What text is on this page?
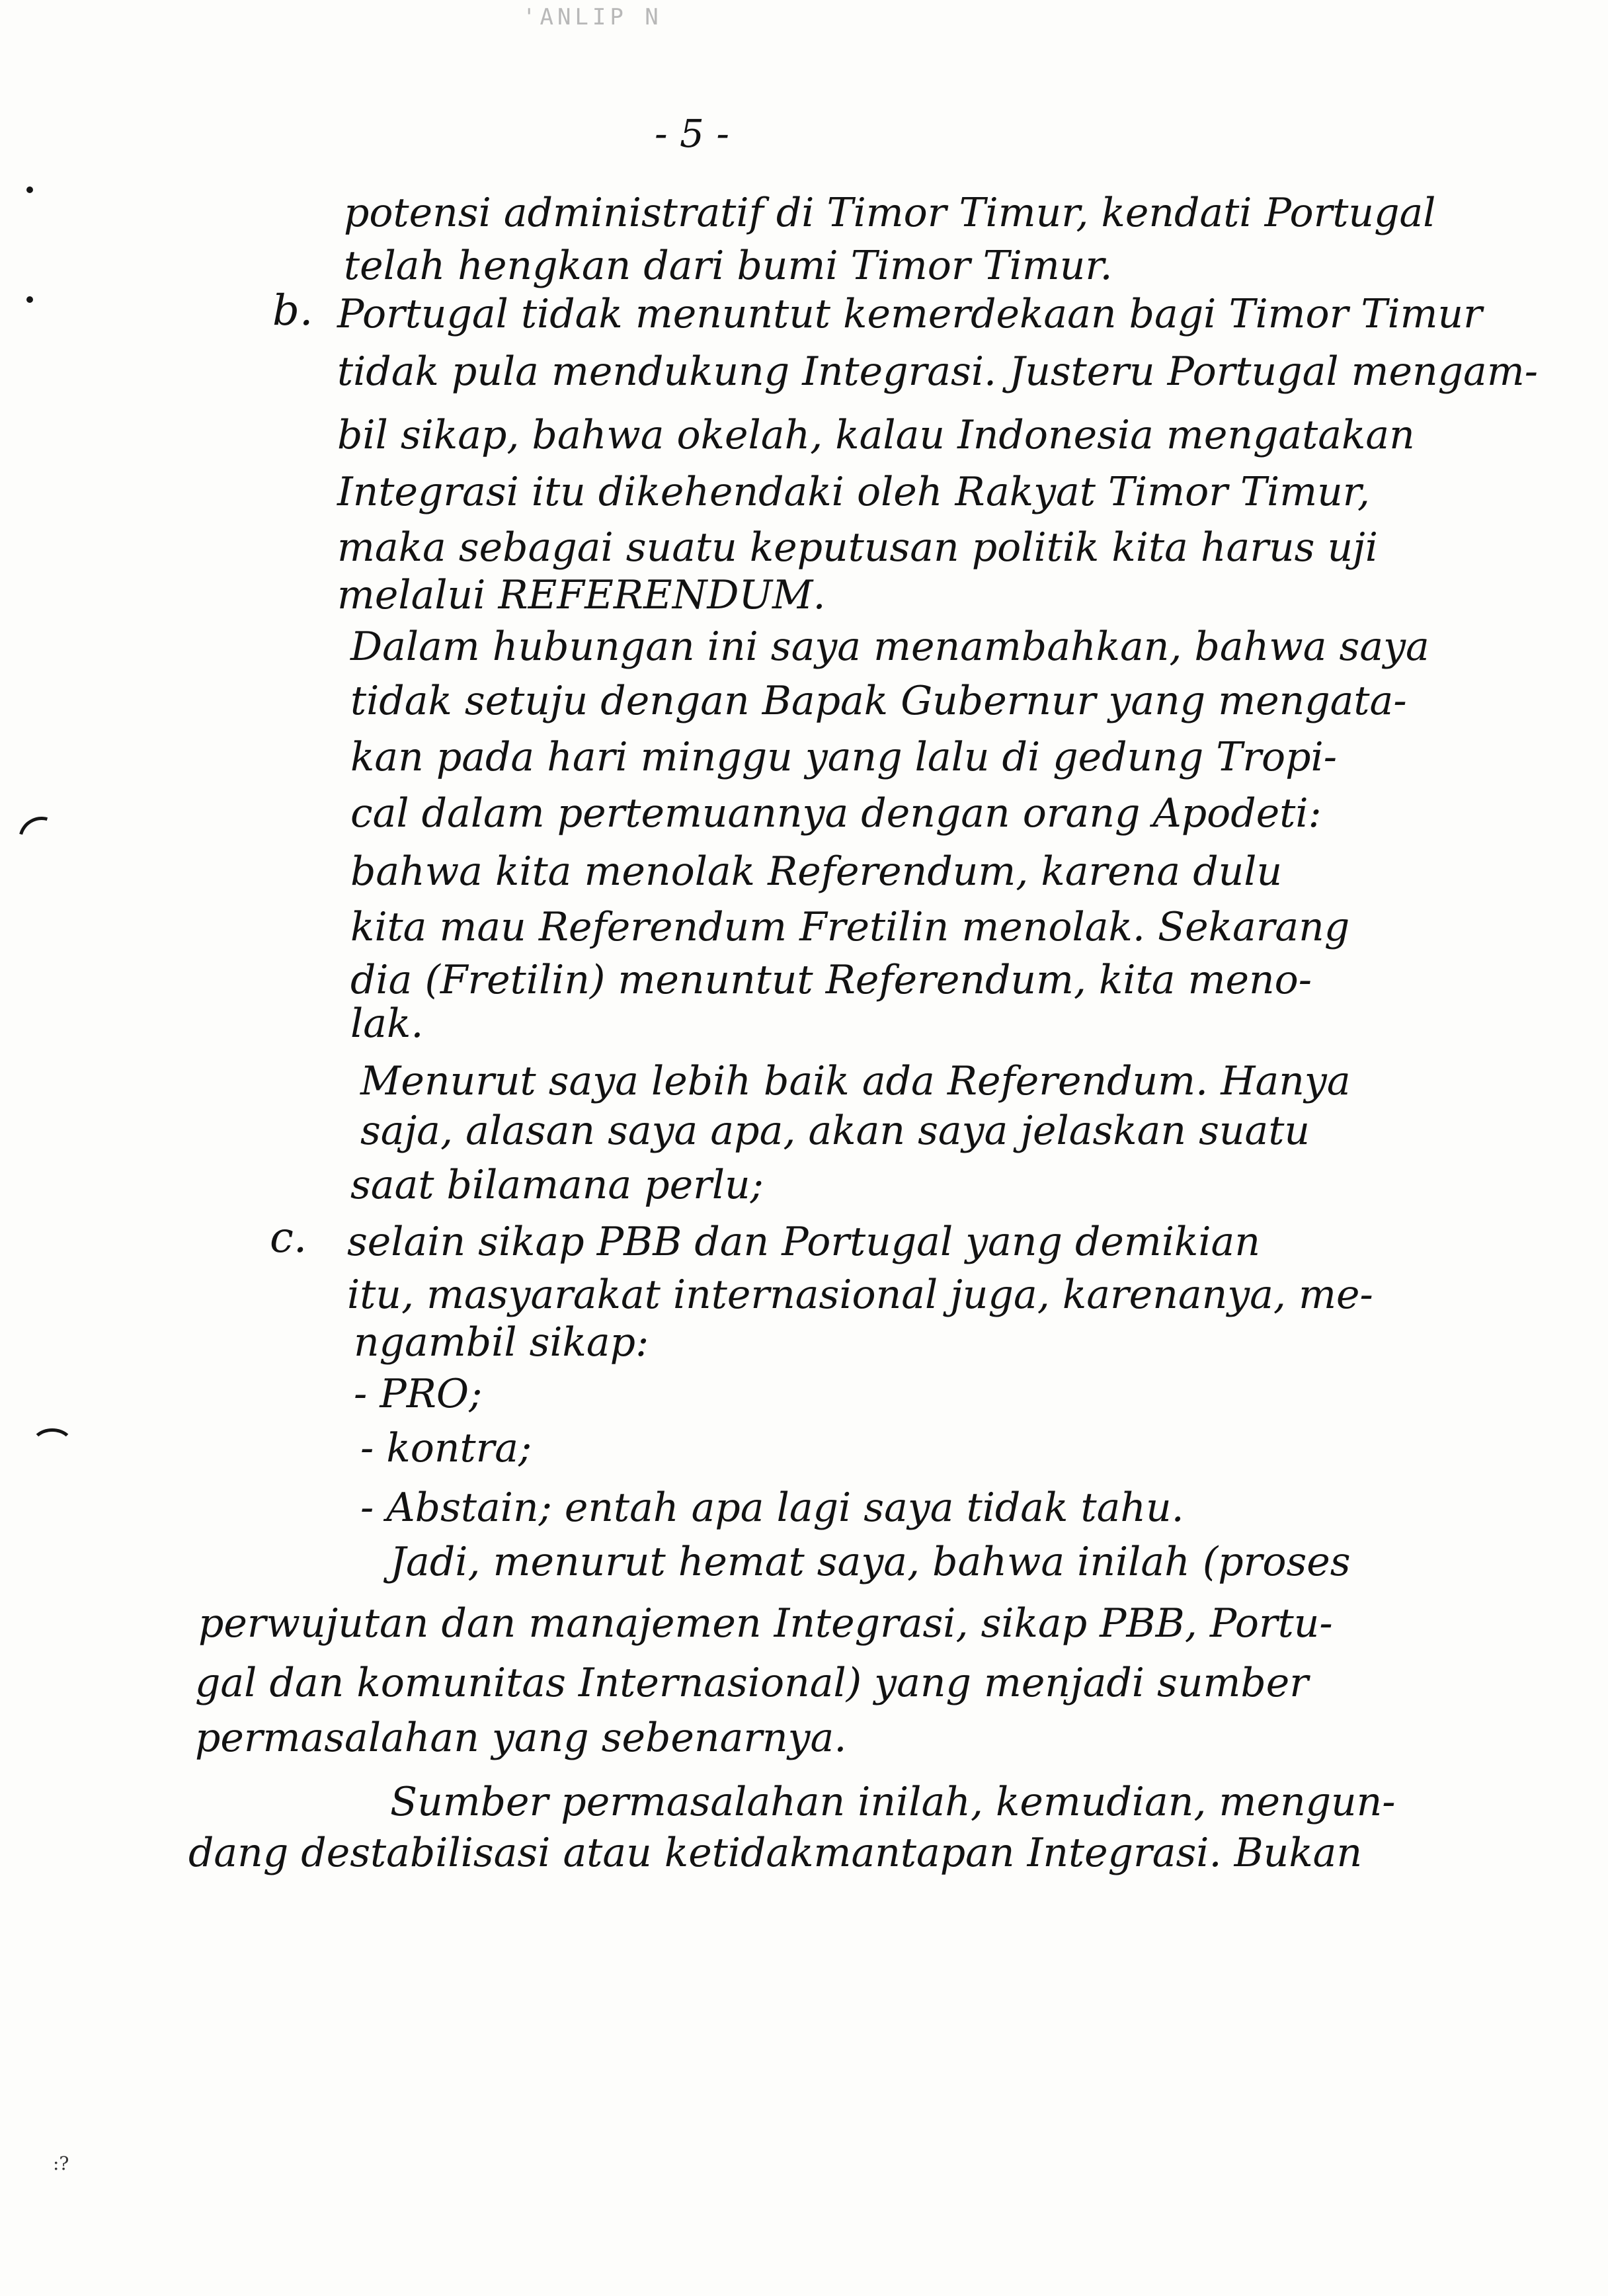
'ANLIP N
- 5 -
:?
b.
c.
potensi administratif di Timor Timur, kendati Portugal
telah hengkan dari bumi Timor Timur.
Portugal tidak menuntut kemerdekaan bagi Timor Timur
tidak pula mendukung Integrasi. Justeru Portugal mengam-
bil sikap, bahwa okelah, kalau Indonesia mengatakan
Integrasi itu dikehendaki oleh Rakyat Timor Timur,
maka sebagai suatu keputusan politik kita harus uji
melalui REFERENDUM.
Dalam hubungan ini saya menambahkan, bahwa saya
tidak setuju dengan Bapak Gubernur yang mengata-
kan pada hari minggu yang lalu di gedung Tropi-
cal dalam pertemuannya dengan orang Apodeti:
bahwa kita menolak Referendum, karena dulu
kita mau Referendum Fretilin menolak. Sekarang
dia (Fretilin) menuntut Referendum, kita meno-
lak.
Menurut saya lebih baik ada Referendum. Hanya
saja, alasan saya apa, akan saya jelaskan suatu
saat bilamana perlu;
selain sikap PBB dan Portugal yang demikian
itu, masyarakat internasional juga, karenanya, me-
ngambil sikap:
- PRO;
- kontra;
- Abstain; entah apa lagi saya tidak tahu.
Jadi, menurut hemat saya, bahwa inilah (proses
perwujutan dan manajemen Integrasi, sikap PBB, Portu-
gal dan komunitas Internasional) yang menjadi sumber
permasalahan yang sebenarnya.
Sumber permasalahan inilah, kemudian, mengun-
dang destabilisasi atau ketidakmantapan Integrasi. Bukan
